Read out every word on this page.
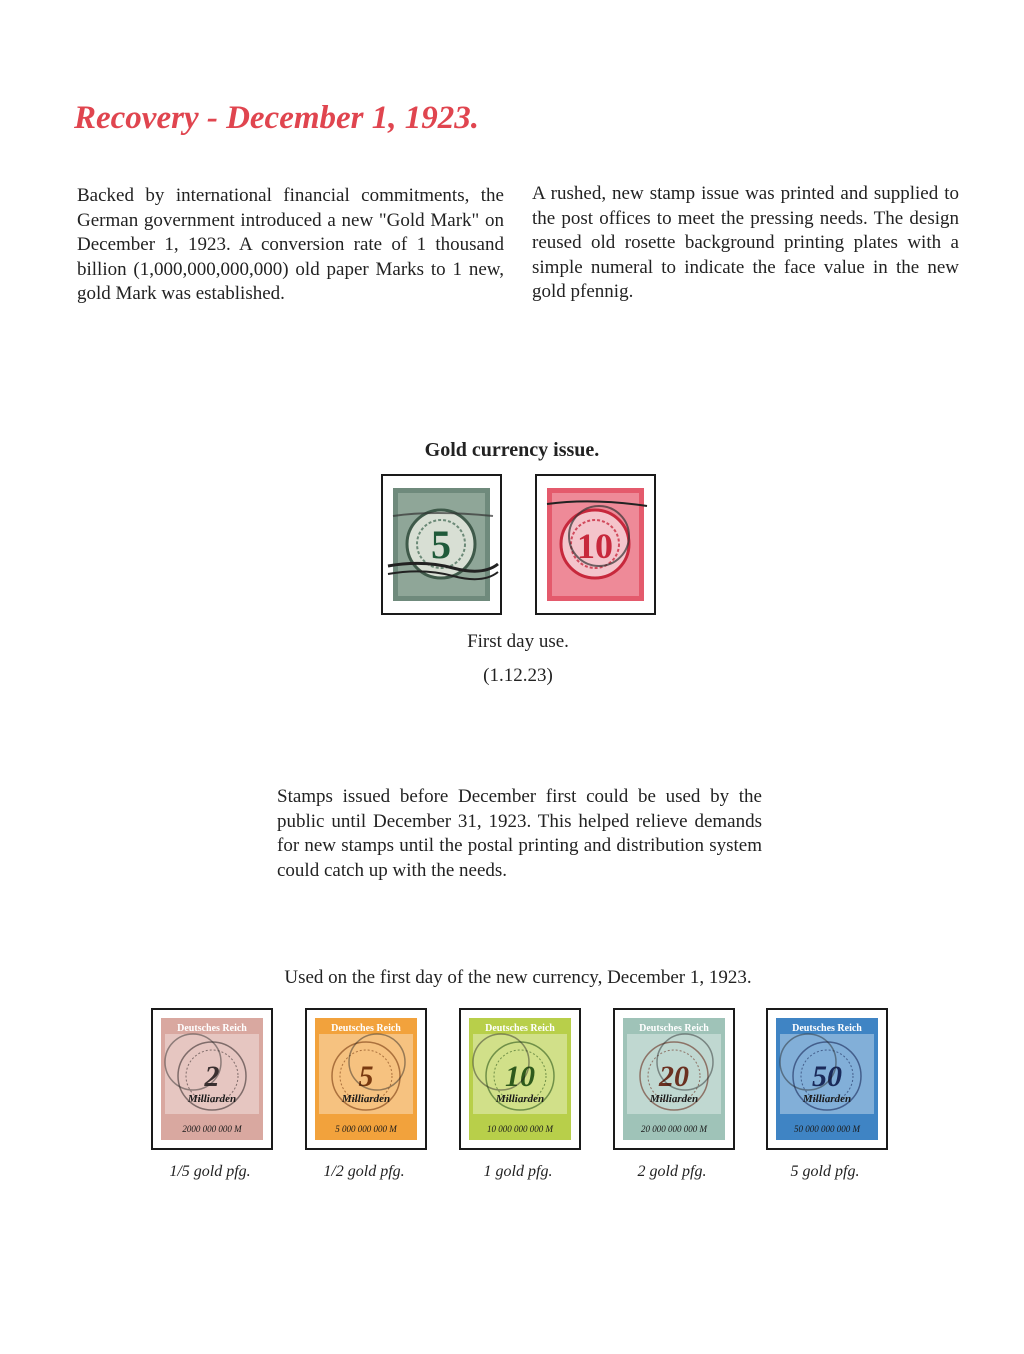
Recovery - December 1, 1923.

Backed by international financial commitments, the German government introduced a new "Gold Mark" on December 1, 1923. A conversion rate of 1 thousand billion (1,000,000,000,000) old paper Marks to 1 new, gold Mark was established.

A rushed, new stamp issue was printed and supplied to the post offices to meet the pressing needs. The design reused old rosette background printing plates with a simple numeral to indicate the face value in the new gold pfennig.

Gold currency issue.
5	10
First day use.
(1.12.23)

Stamps issued before December first could be used by the public until December 31, 1923. This helped relieve demands for new stamps until the postal printing and distribution system could catch up with the needs.

Used on the first day of the new currency, December 1, 1923.
Deutsches Reich
2
Milliarden
2000 000 000 M
1/5 gold pfg.
Deutsches Reich
5
Milliarden
5 000 000 000 M
1/2 gold pfg.
Deutsches Reich
10
Milliarden
10 000 000 000 M
1 gold pfg.
Deutsches Reich
20
Milliarden
20 000 000 000 M
2 gold pfg.
Deutsches Reich
50
Milliarden
50 000 000 000 M
5 gold pfg.
